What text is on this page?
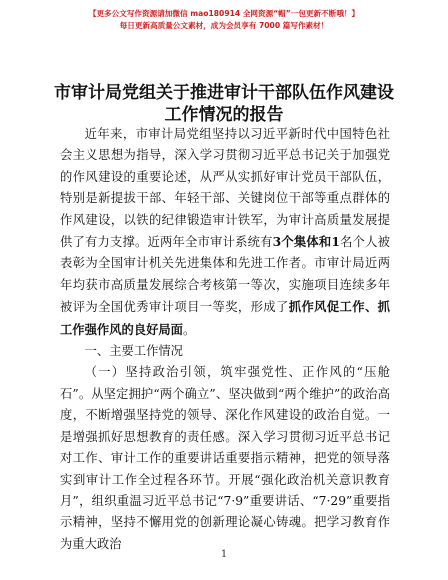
【更多公文写作资源请加微信 mao180914 全网资源“帽”一包更新不断哦！】
每日更新高质量公文素材，成为会员享有 7000 篇写作素材！
市审计局党组关于推进审计干部队伍作风建设
工作情况的报告

近年来，市审计局党组坚持以习近平新时代中国特色社会主义思想为指导，深入学习贯彻习近平总书记关于加强党的作风建设的重要论述，从严从实抓好审计党员干部队伍，特别是新提拔干部、年轻干部、关键岗位干部等重点群体的作风建设，以铁的纪律锻造审计铁军，为审计高质量发展提供了有力支撑。近两年全市审计系统有3个集体和1名个人被表彰为全国审计机关先进集体和先进工作者。市审计局近两年均获市高质量发展综合考核第一等次，实施项目连续多年被评为全国优秀审计项目一等奖，形成了抓作风促工作、抓工作强作风的良好局面。

一、主要工作情况

（一）坚持政治引领，筑牢强党性、正作风的“压舱石”。从坚定拥护“两个确立”、坚决做到“两个维护”的政治高度，不断增强坚持党的领导、深化作风建设的政治自觉。一是增强抓好思想教育的责任感。深入学习贯彻习近平总书记对工作、审计工作的重要讲话重要指示精神，把党的领导落实到审计工作全过程各环节。开展“强化政治机关意识教育月”，组织重温习近平总书记“7·9”重要讲话、“7·29”重要指示精神，坚持不懈用党的创新理论凝心铸魂。把学习教育作为重大政治

1
